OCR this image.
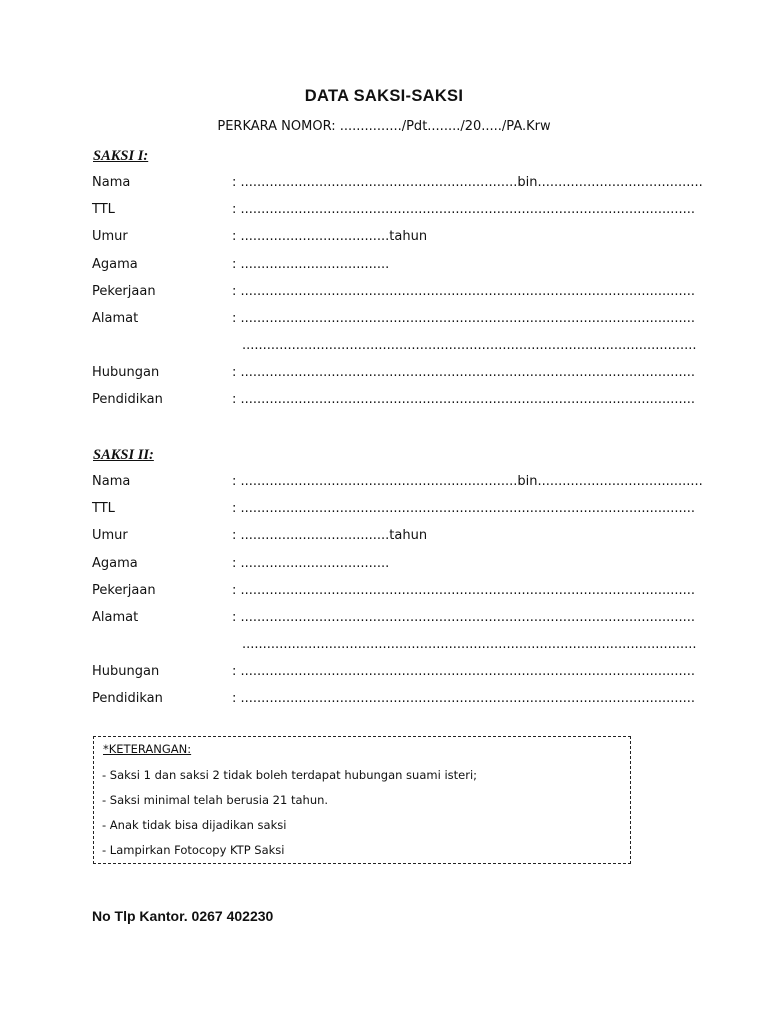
DATA SAKSI-SAKSI
PERKARA NOMOR: .............../Pdt......../20...../PA.Krw
SAKSI I:
Nama	: ...................................................................bin........................................
TTL	: ..............................................................................................................
Umur	: ....................................tahun
Agama	: ....................................
Pekerjaan	: ..............................................................................................................
Alamat	: ..............................................................................................................
..............................................................................................................
Hubungan	: ..............................................................................................................
Pendidikan	: ..............................................................................................................
SAKSI II:
Nama	: ...................................................................bin........................................
TTL	: ..............................................................................................................
Umur	: ....................................tahun
Agama	: ....................................
Pekerjaan	: ..............................................................................................................
Alamat	: ..............................................................................................................
..............................................................................................................
Hubungan	: ..............................................................................................................
Pendidikan	: ..............................................................................................................
*KETERANGAN:
- Saksi 1 dan saksi 2 tidak boleh terdapat hubungan suami isteri;
- Saksi minimal telah berusia 21 tahun.
- Anak tidak bisa dijadikan saksi
- Lampirkan Fotocopy KTP Saksi
No Tlp Kantor. 0267 402230
